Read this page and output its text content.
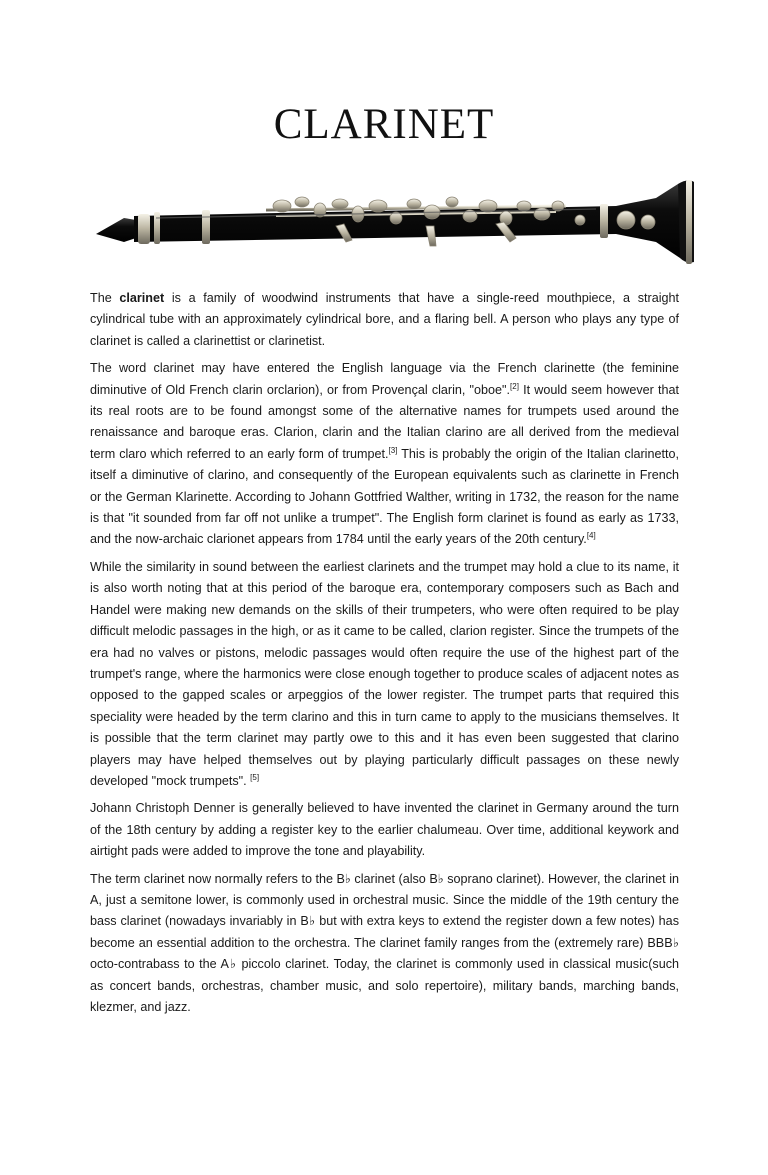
CLARINET

The clarinet is a family of woodwind instruments that have a single-reed mouthpiece, a straight cylindrical tube with an approximately cylindrical bore, and a flaring bell. A person who plays any type of clarinet is called a clarinettist or clarinetist.

The word clarinet may have entered the English language via the French clarinette (the feminine diminutive of Old French clarin orclarion), or from Provençal clarin, "oboe".[2] It would seem however that its real roots are to be found amongst some of the alternative names for trumpets used around the renaissance and baroque eras. Clarion, clarin and the Italian clarino are all derived from the medieval term claro which referred to an early form of trumpet.[3] This is probably the origin of the Italian clarinetto, itself a diminutive of clarino, and consequently of the European equivalents such as clarinette in French or the German Klarinette. According to Johann Gottfried Walther, writing in 1732, the reason for the name is that "it sounded from far off not unlike a trumpet". The English form clarinet is found as early as 1733, and the now-archaic clarionet appears from 1784 until the early years of the 20th century.[4]

While the similarity in sound between the earliest clarinets and the trumpet may hold a clue to its name, it is also worth noting that at this period of the baroque era, contemporary composers such as Bach and Handel were making new demands on the skills of their trumpeters, who were often required to be play difficult melodic passages in the high, or as it came to be called, clarion register. Since the trumpets of the era had no valves or pistons, melodic passages would often require the use of the highest part of the trumpet's range, where the harmonics were close enough together to produce scales of adjacent notes as opposed to the gapped scales or arpeggios of the lower register. The trumpet parts that required this speciality were headed by the term clarino and this in turn came to apply to the musicians themselves. It is possible that the term clarinet may partly owe to this and it has even been suggested that clarino players may have helped themselves out by playing particularly difficult passages on these newly developed "mock trumpets". [5]

Johann Christoph Denner is generally believed to have invented the clarinet in Germany around the turn of the 18th century by adding a register key to the earlier chalumeau. Over time, additional keywork and airtight pads were added to improve the tone and playability.

The term clarinet now normally refers to the B♭ clarinet (also B♭ soprano clarinet). However, the clarinet in A, just a semitone lower, is commonly used in orchestral music. Since the middle of the 19th century the bass clarinet (nowadays invariably in B♭ but with extra keys to extend the register down a few notes) has become an essential addition to the orchestra. The clarinet family ranges from the (extremely rare) BBB♭ octo-contrabass to the A♭ piccolo clarinet. Today, the clarinet is commonly used in classical music(such as concert bands, orchestras, chamber music, and solo repertoire), military bands, marching bands, klezmer, and jazz.
